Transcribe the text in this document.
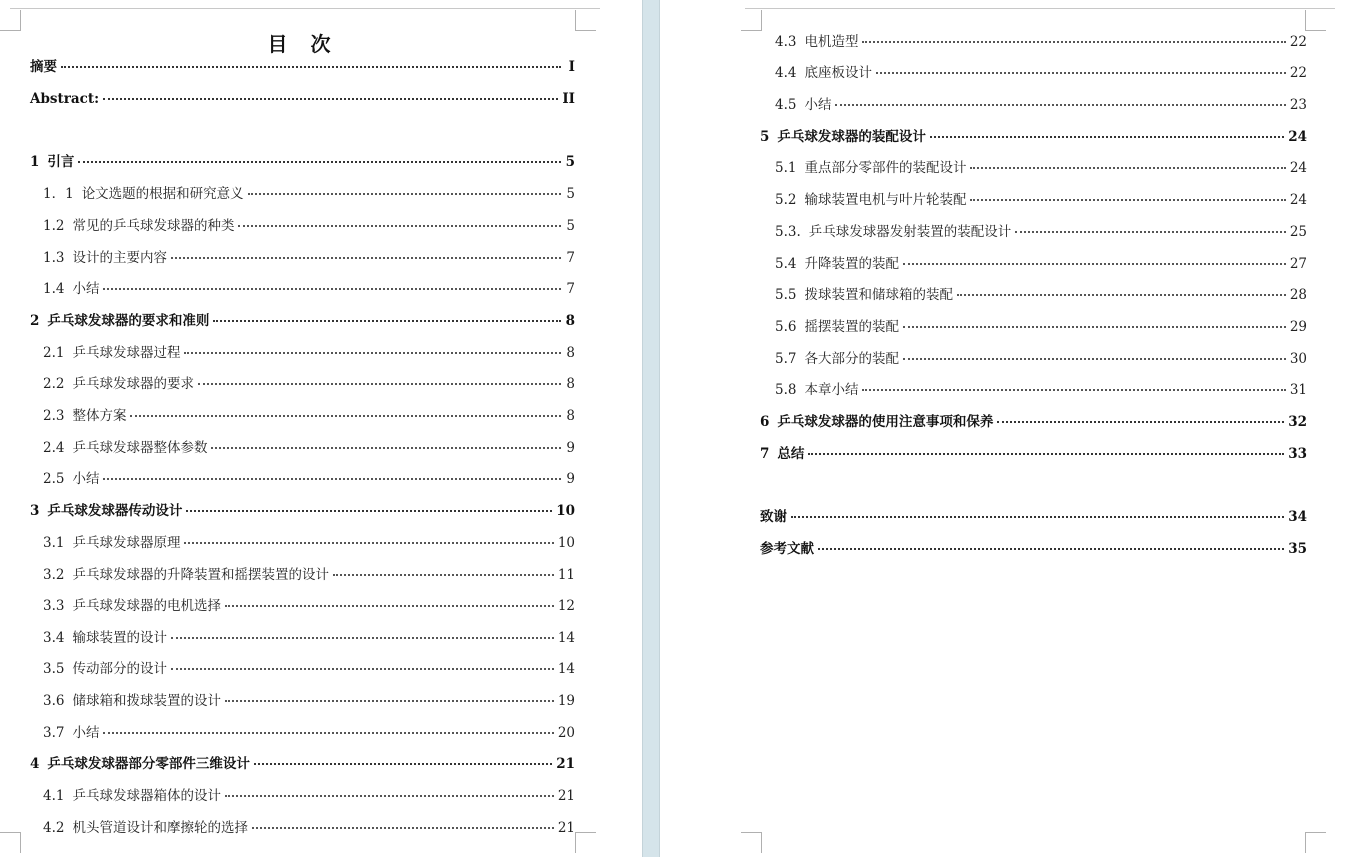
目 次
摘要	I
Abstract:	II
1 引言	5
1．1 论文选题的根据和研究意义	5
1.2 常见的乒乓球发球器的种类	5
1.3 设计的主要内容	7
1.4 小结	7
2 乒乓球发球器的要求和准则	8
2.1 乒乓球发球器过程	8
2.2 乒乓球发球器的要求	8
2.3 整体方案	8
2.4 乒乓球发球器整体参数	9
2.5 小结	9
3 乒乓球发球器传动设计	10
3.1 乒乓球发球器原理	10
3.2 乒乓球发球器的升降装置和摇摆装置的设计	11
3.3 乒乓球发球器的电机选择	12
3.4 输球装置的设计	14
3.5 传动部分的设计	14
3.6 储球箱和拨球装置的设计	19
3.7 小结	20
4 乒乓球发球器部分零部件三维设计	21
4.1 乒乓球发球器箱体的设计	21
4.2 机头管道设计和摩擦轮的选择	21
4.3 电机造型	22
4.4 底座板设计	22
4.5 小结	23
5 乒乓球发球器的装配设计	24
5.1 重点部分零部件的装配设计	24
5.2 输球装置电机与叶片轮装配	24
5.3. 乒乓球发球器发射装置的装配设计	25
5.4 升降装置的装配	27
5.5 拨球装置和储球箱的装配	28
5.6 摇摆装置的装配	29
5.7 各大部分的装配	30
5.8 本章小结	31
6 乒乓球发球器的使用注意事项和保养	32
7 总结	33
致谢	34
参考文献	35
